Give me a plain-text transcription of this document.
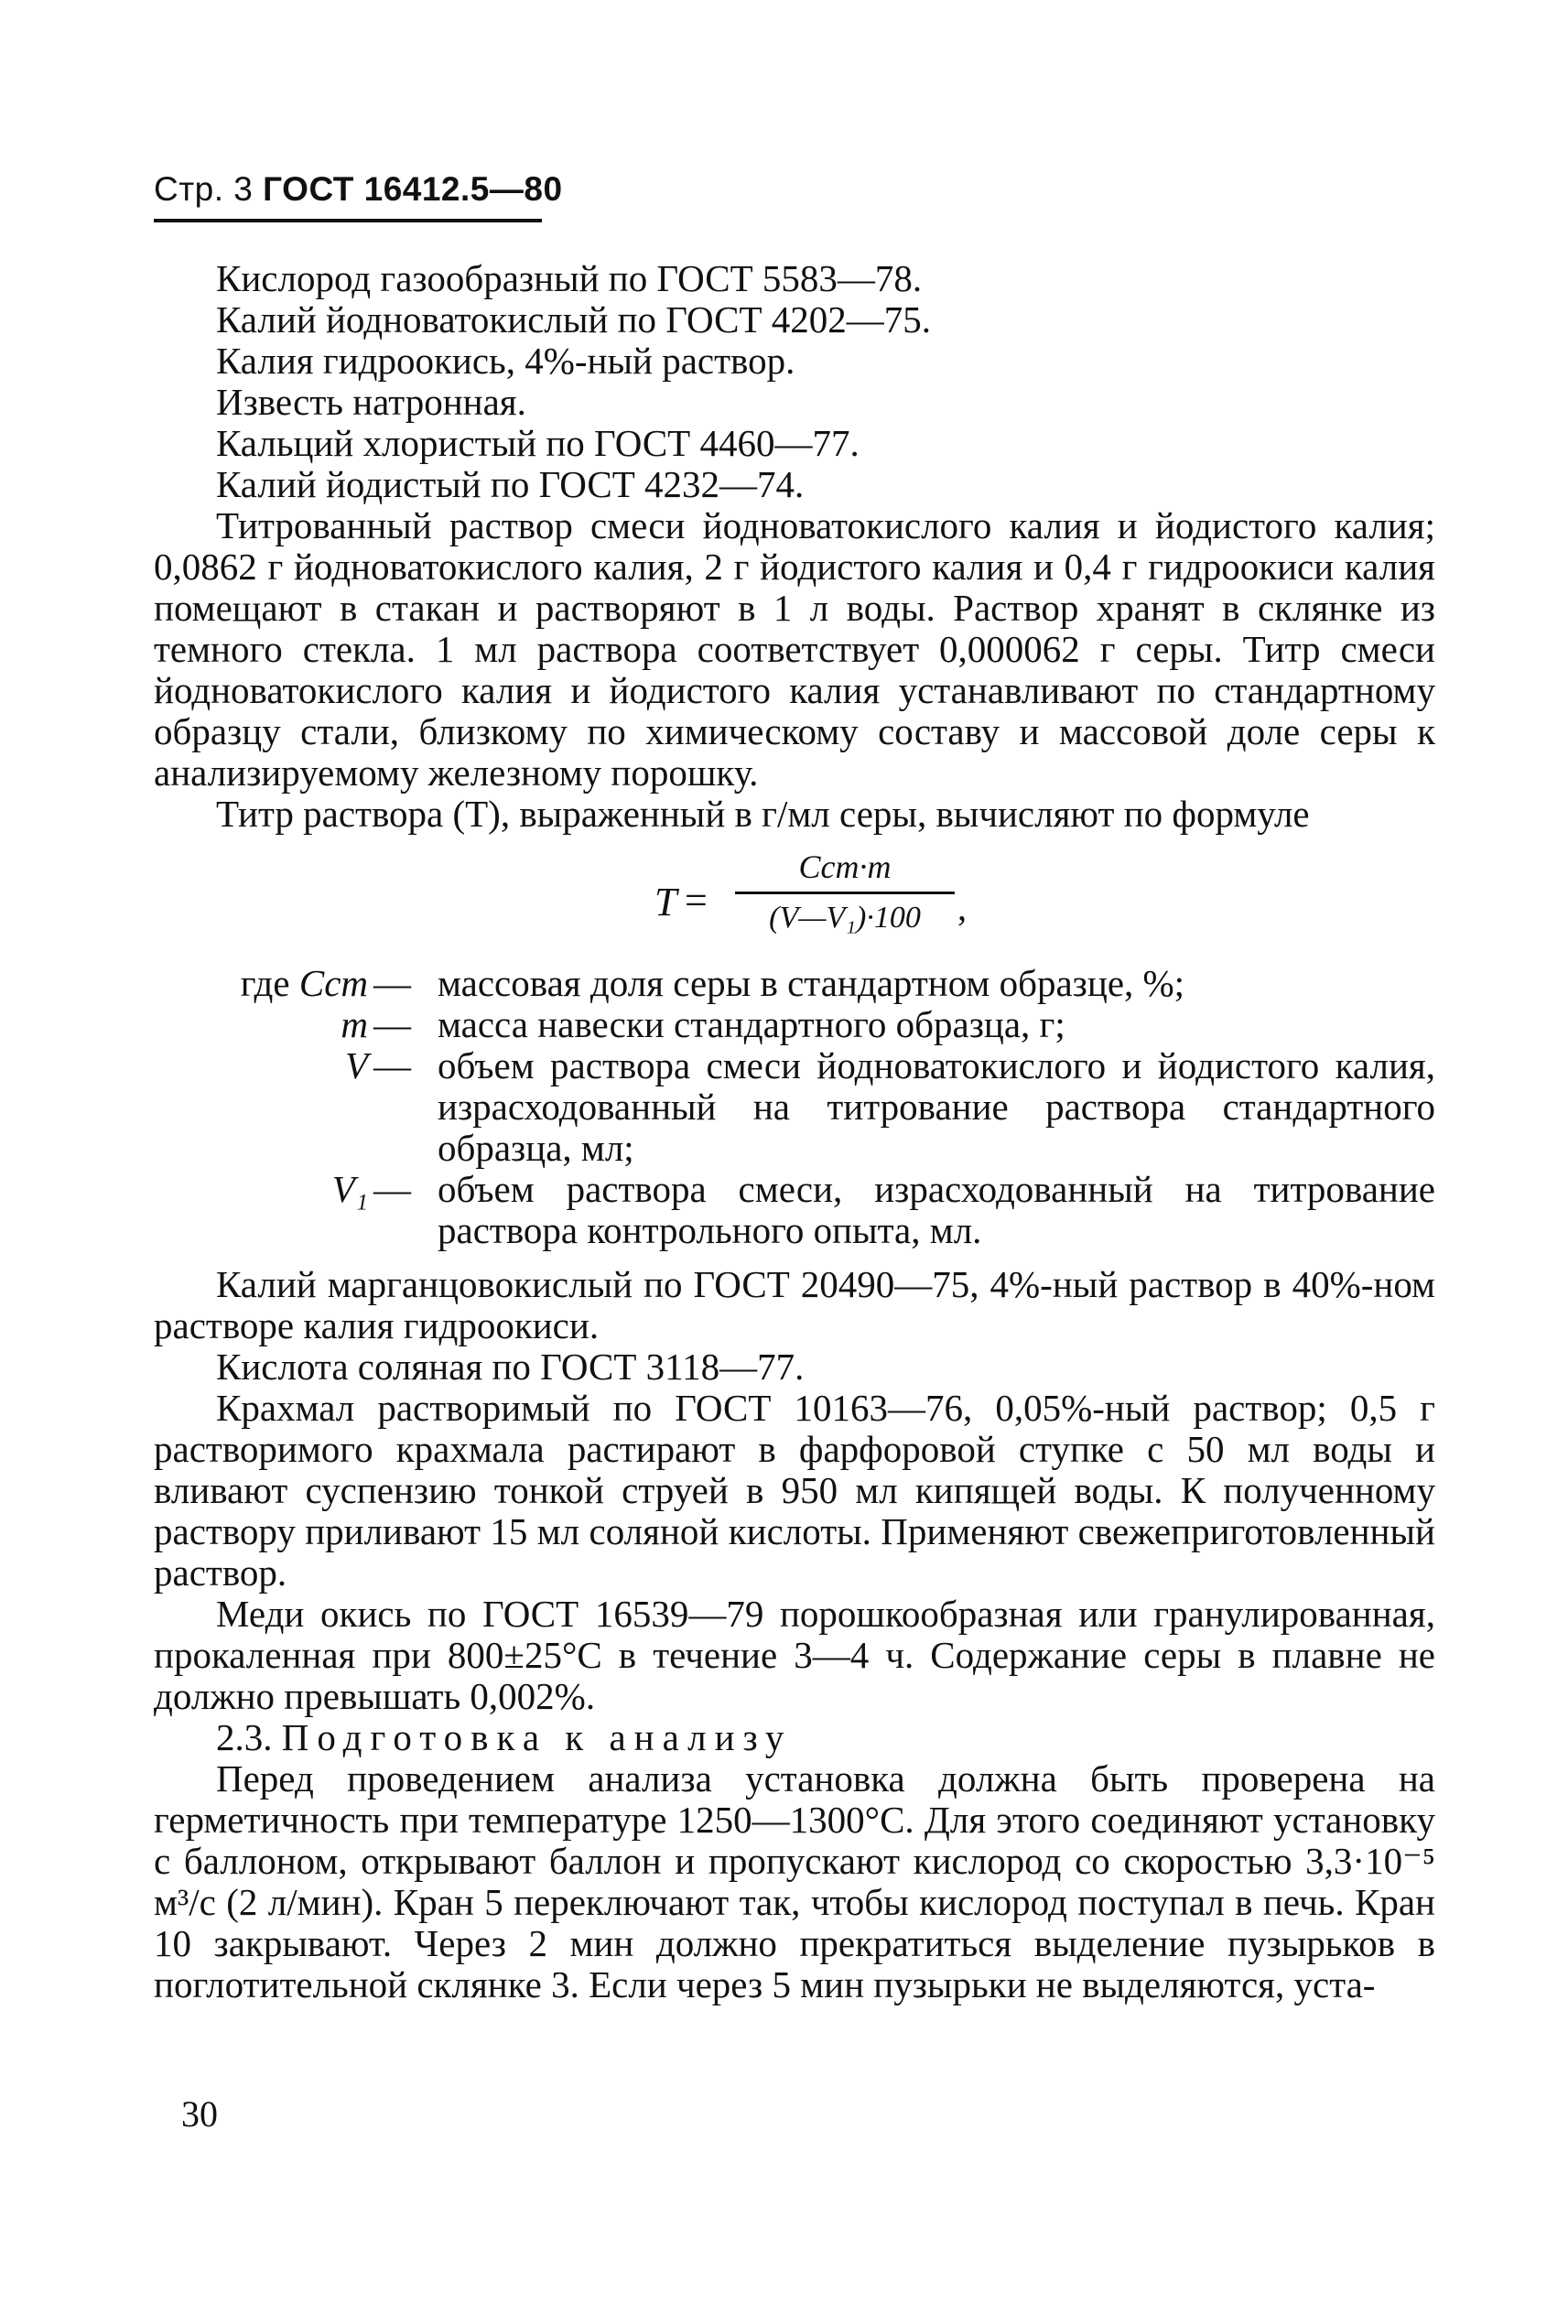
Стр. 3 ГОСТ 16412.5—80
Кислород газообразный по ГОСТ 5583—78.
Калий йодноватокислый по ГОСТ 4202—75.
Калия гидроокись, 4%-ный раствор.
Известь натронная.
Кальций хлористый по ГОСТ 4460—77.
Калий йодистый по ГОСТ 4232—74.

Титрованный раствор смеси йодноватокислого калия и йодистого калия; 0,0862 г йодноватокислого калия, 2 г йодистого калия и 0,4 г гидроокиси калия помещают в стакан и растворяют в 1 л воды. Раствор хранят в склянке из темного стекла. 1 мл раствора соответствует 0,000062 г серы. Титр смеси йодноватокислого калия и йодистого калия устанавливают по стандартному образцу стали, близкому по химическому составу и массовой доле серы к анализируемому железному порошку.

Титр раствора (T), выраженный в г/мл серы, вычисляют по формуле

T =
Cст·m
(V—V₁)·100	,
где Cст — массовая доля серы в стандартном образце, %;
m — масса навески стандартного образца, г;
V — объем раствора смеси йодноватокислого и йодистого калия, израсходованный на титрование раствора стандартного образца, мл;
V₁ — объем раствора смеси, израсходованный на титрование раствора контрольного опыта, мл.

Калий марганцовокислый по ГОСТ 20490—75, 4%-ный раствор в 40%-ном растворе калия гидроокиси.

Кислота соляная по ГОСТ 3118—77.

Крахмал растворимый по ГОСТ 10163—76, 0,05%-ный раствор; 0,5 г растворимого крахмала растирают в фарфоровой ступке с 50 мл воды и вливают суспензию тонкой струей в 950 мл кипящей воды. К полученному раствору приливают 15 мл соляной кислоты. Применяют свежеприготовленный раствор.

Меди окись по ГОСТ 16539—79 порошкообразная или гранулированная, прокаленная при 800±25°С в течение 3—4 ч. Содержание серы в плавне не должно превышать 0,002%.

2.3. Подготовка к анализу

Перед проведением анализа установка должна быть проверена на герметичность при температуре 1250—1300°С. Для этого соединяют установку с баллоном, открывают баллон и пропускают кислород со скоростью 3,3·10⁻⁵ м³/с (2 л/мин). Кран 5 переключают так, чтобы кислород поступал в печь. Кран 10 закрывают. Через 2 мин должно прекратиться выделение пузырьков в поглотительной склянке 3. Если через 5 мин пузырьки не выделяются, уста-

30
